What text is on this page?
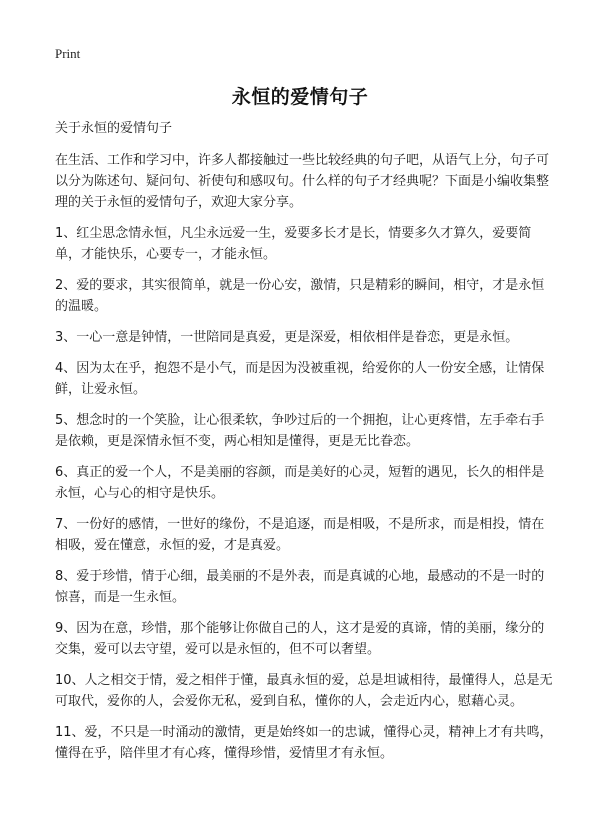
Print
永恒的爱情句子

关于永恒的爱情句子

在生活、工作和学习中，许多人都接触过一些比较经典的句子吧，从语气上分，句子可以分为陈述句、疑问句、祈使句和感叹句。什么样的句子才经典呢？下面是小编收集整理的关于永恒的爱情句子，欢迎大家分享。

1、红尘思念情永恒，凡尘永远爱一生，爱要多长才是长，情要多久才算久，爱要简单，才能快乐，心要专一，才能永恒。

2、爱的要求，其实很简单，就是一份心安，激情，只是精彩的瞬间，相守，才是永恒的温暖。

3、一心一意是钟情，一世陪同是真爱，更是深爱，相依相伴是眷恋，更是永恒。

4、因为太在乎，抱怨不是小气，而是因为没被重视，给爱你的人一份安全感，让情保鲜，让爱永恒。

5、想念时的一个笑脸，让心很柔软，争吵过后的一个拥抱，让心更疼惜，左手牵右手是依赖，更是深情永恒不变，两心相知是懂得，更是无比眷恋。

6、真正的爱一个人，不是美丽的容颜，而是美好的心灵，短暂的遇见，长久的相伴是永恒，心与心的相守是快乐。

7、一份好的感情，一世好的缘份，不是追逐，而是相吸，不是所求，而是相投，情在相吸，爱在懂意，永恒的爱，才是真爱。

8、爱于珍惜，情于心细，最美丽的不是外表，而是真诚的心地，最感动的不是一时的惊喜，而是一生永恒。

9、因为在意，珍惜，那个能够让你做自己的人，这才是爱的真谛，情的美丽，缘分的交集，爱可以去守望，爱可以是永恒的，但不可以奢望。

10、人之相交于情，爱之相伴于懂，最真永恒的爱，总是坦诚相待，最懂得人，总是无可取代，爱你的人，会爱你无私，爱到自私，懂你的人，会走近内心，慰藉心灵。

11、爱，不只是一时涌动的激情，更是始终如一的忠诚，懂得心灵，精神上才有共鸣，懂得在乎，陪伴里才有心疼，懂得珍惜，爱情里才有永恒。
